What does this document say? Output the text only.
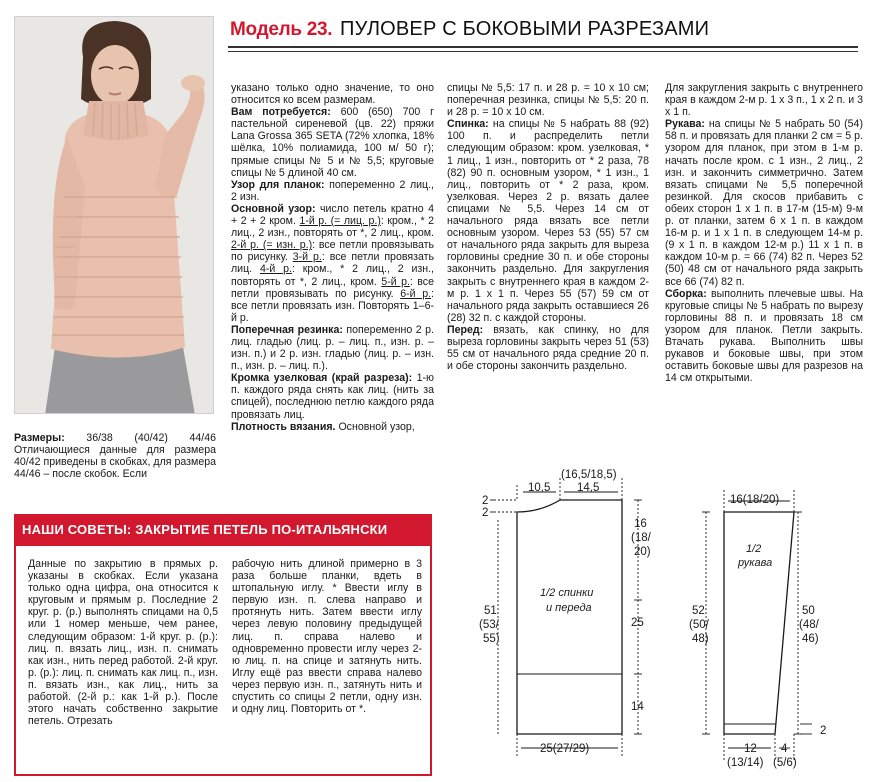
Модель 23. ПУЛОВЕР С БОКОВЫМИ РАЗРЕЗАМИ
Размеры: 36/38 (40/42) 44/46 Отличающиеся данные для размера 40/42 приведены в скобках, для размера 44/46 – после скобок. Если

указано только одно значение, то оно относится ко всем размерам.

Вам потребуется: 600 (650) 700 г пастельной сиреневой (цв. 22) пряжи Lana Grossa 365 SETA (72% хлопка, 18% шёлка, 10% полиамида, 100 м/ 50 г); прямые спицы № 5 и № 5,5; круговые спицы № 5 длиной 40 см.

Узор для планок: попеременно 2 лиц., 2 изн.

Основной узор: число петель кратно 4 + 2 + 2 кром. 1-й р. (= лиц. р.): кром., * 2 лиц., 2 изн., повторять от *, 2 лиц., кром. 2-й р. (= изн. р.): все петли провязывать по рисунку. 3-й р.: все петли провязать лиц. 4-й р.: кром., * 2 лиц., 2 изн., повторять от *, 2 лиц., кром. 5-й р.: все петли провязывать по рисунку. 6-й р.: все петли провязать изн. Повторять 1–6-й р.

Поперечная резинка: попеременно 2 р. лиц. гладью (лиц. р. – лиц. п., изн. р. – изн. п.) и 2 р. изн. гладью (лиц. р. – изн. п., изн. р. – лиц. п.).

Кромка узелковая (край разреза): 1-ю п. каждого ряда снять как лиц. (нить за спицей), последнюю петлю каждого ряда провязать лиц.

Плотность вязания. Основной узор,

спицы № 5,5: 17 п. и 28 р. = 10 х 10 см; поперечная резинка, спицы № 5,5: 20 п. и 28 р. = 10 х 10 см.

Спинка: на спицы № 5 набрать 88 (92) 100 п. и распределить петли следующим образом: кром. узелковая, * 1 лиц., 1 изн., повторить от * 2 раза, 78 (82) 90 п. основным узором, * 1 изн., 1 лиц., повторить от * 2 раза, кром. узелковая. Через 2 р. вязать далее спицами № 5,5. Через 14 см от начального ряда вязать все петли основным узором. Через 53 (55) 57 см от начального ряда закрыть для выреза горловины средние 30 п. и обе стороны закончить раздельно. Для закругления закрыть с внутреннего края в каждом 2-м р. 1 х 1 п. Через 55 (57) 59 см от начального ряда закрыть оставшиеся 26 (28) 32 п. с каждой стороны.

Перед: вязать, как спинку, но для выреза горловины закрыть через 51 (53) 55 см от начального ряда средние 20 п. и обе стороны закончить раздельно.

Для закругления закрыть с внутреннего края в каждом 2-м р. 1 х 3 п., 1 х 2 п. и 3 х 1 п.

Рукава: на спицы № 5 набрать 50 (54) 58 п. и провязать для планки 2 см = 5 р. узором для планок, при этом в 1-м р. начать после кром. с 1 изн., 2 лиц., 2 изн. и закончить симметрично. Затем вязать спицами № 5,5 поперечной резинкой. Для скосов прибавить с обеих сторон 1 х 1 п. в 17-м (15-м) 9-м р. от планки, затем 6 х 1 п. в каждом 16-м р. и 1 х 1 п. в следующем 14-м р. (9 х 1 п. в каждом 12-м р.) 11 х 1 п. в каждом 10-м р. = 66 (74) 82 п. Через 52 (50) 48 см от начального ряда закрыть все 66 (74) 82 п.

Сборка: выполнить плечевые швы. На круговые спицы № 5 набрать по вырезу горловины 88 п. и провязать 18 см узором для планок. Петли закрыть. Втачать рукава. Выполнить швы рукавов и боковые швы, при этом оставить боковые швы для разрезов на 14 см открытыми.

НАШИ СОВЕТЫ: ЗАКРЫТИЕ ПЕТЕЛЬ ПО-ИТАЛЬЯНСКИ
Данные по закрытию в прямых р. указаны в скобках. Если указана только одна цифра, она относится к круговым и прямым р. Последние 2 круг. р. (р.) выполнять спицами на 0,5 или 1 номер меньше, чем ранее, следующим образом: 1-й круг. р. (р.): лиц. п. вязать лиц., изн. п. снимать как изн., нить перед работой. 2-й круг. р. (р.): лиц. п. снимать как лиц. п., изн. п. вязать изн., как лиц., нить за работой. (2-й р.: как 1-й р.). После этого начать собственно закрытие петель. Отрезать
рабочую нить длиной примерно в 3 раза больше планки, вдеть в штопальную иглу. * Ввести иглу в первую изн. п. слева направо и протянуть нить. Затем ввести иглу через левую половину предыдущей лиц. п. справа налево и одновременно провести иглу через 2-ю лиц. п. на спице и затянуть нить. Иглу ещё раз ввести справа налево через первую изн. п., затянуть нить и спустить со спицы 2 петли, одну изн. и одну лиц. Повторить от *.
1/2 спинки
и переда
10,5
(16,5/18,5)
14,5
2
2
51
(53/
55)
16
(18/
20)
25
14
25(27/29)
1/2
рукава
16(18/20)
52
(50/
48)
50
(48/
46)
2
12
(13/14)
4
(5/6)
